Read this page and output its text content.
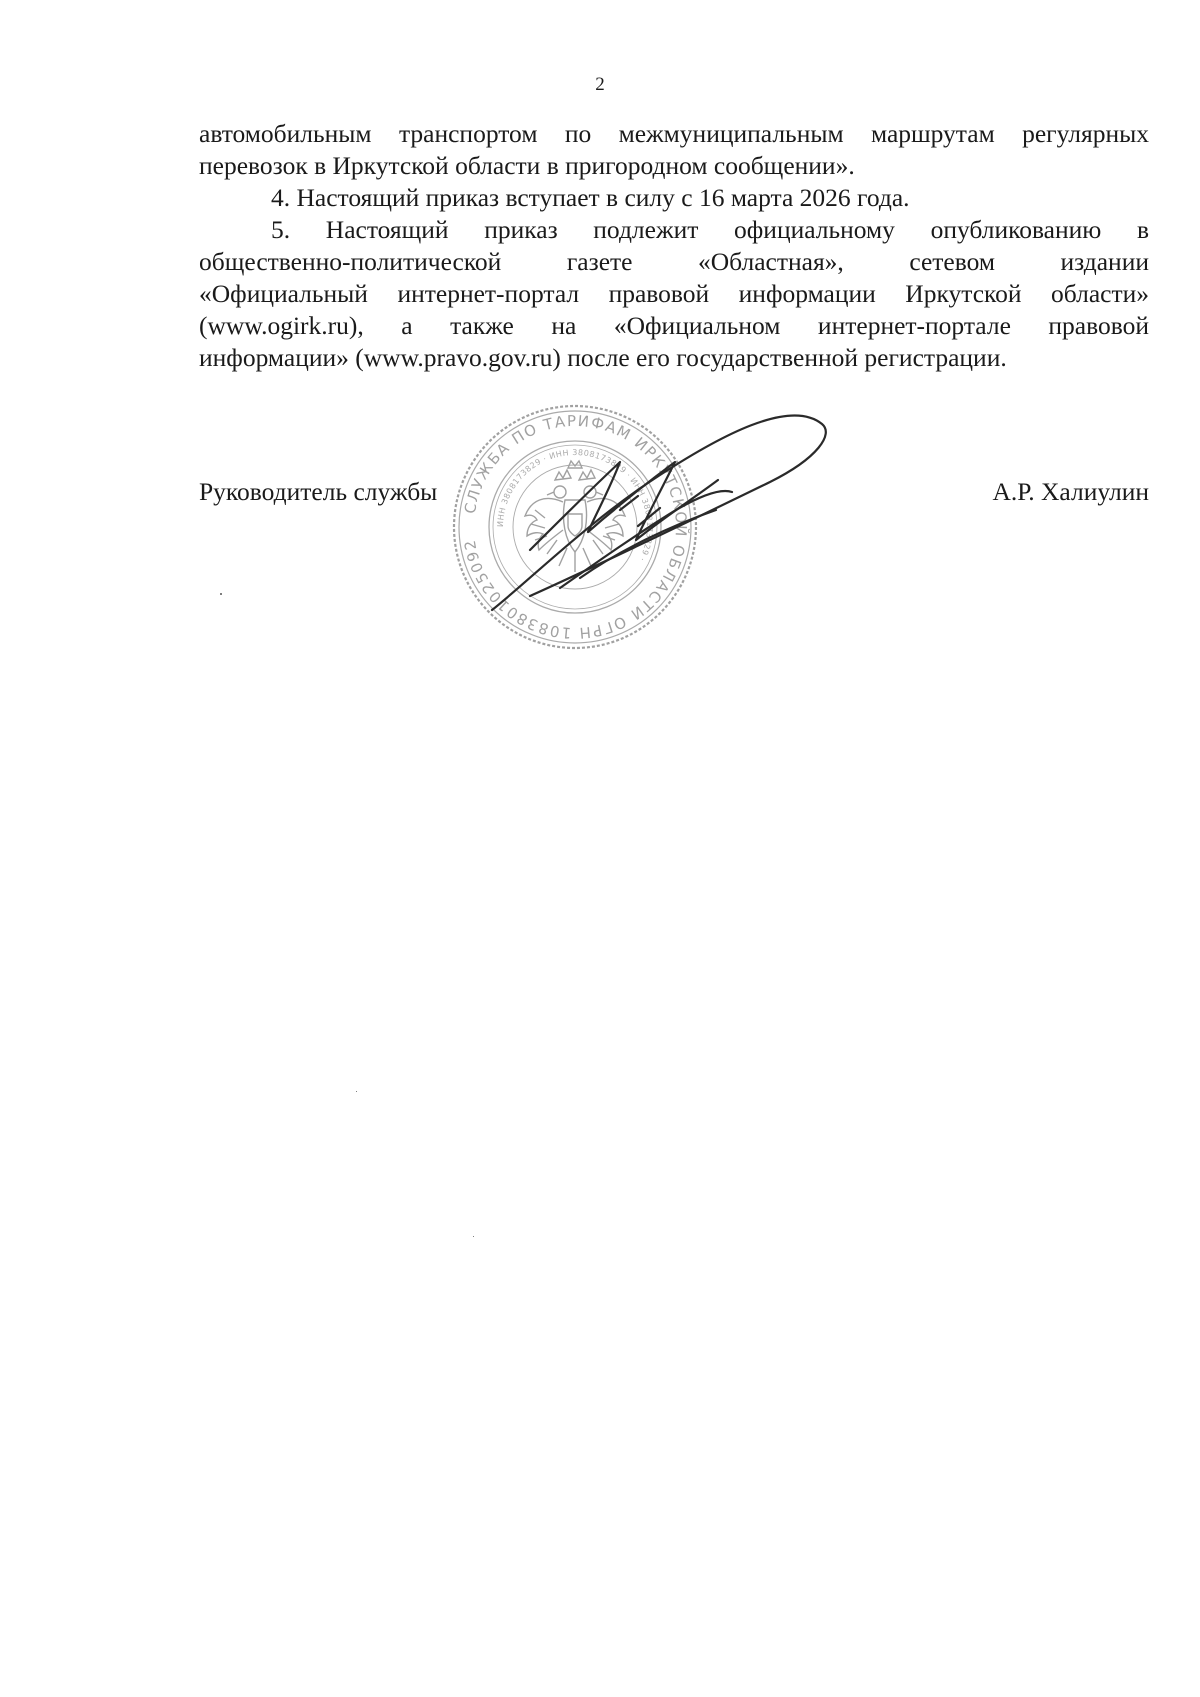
2
автомобильным транспортом по межмуниципальным маршрутам регулярных
перевозок в Иркутской области в пригородном сообщении».
4. Настоящий приказ вступает в силу с 16 марта 2026 года.
5. Настоящий приказ подлежит официальному опубликованию в
общественно-политической газете «Областная», сетевом издании
«Официальный интернет-портал правовой информации Иркутской области»
(www.ogirk.ru), а также на «Официальном интернет-портале правовой
информации» (www.pravo.gov.ru) после его государственной регистрации.
СЛУЖБА ПО ТАРИФАМ ИРКУТСКОЙ ОБЛАСТИ ОГРН 1083801025092
ИНН 3808173829 · ИНН 3808173829 · ИНН 3808173829 ·
Руководитель службы	А.Р. Халиулин
